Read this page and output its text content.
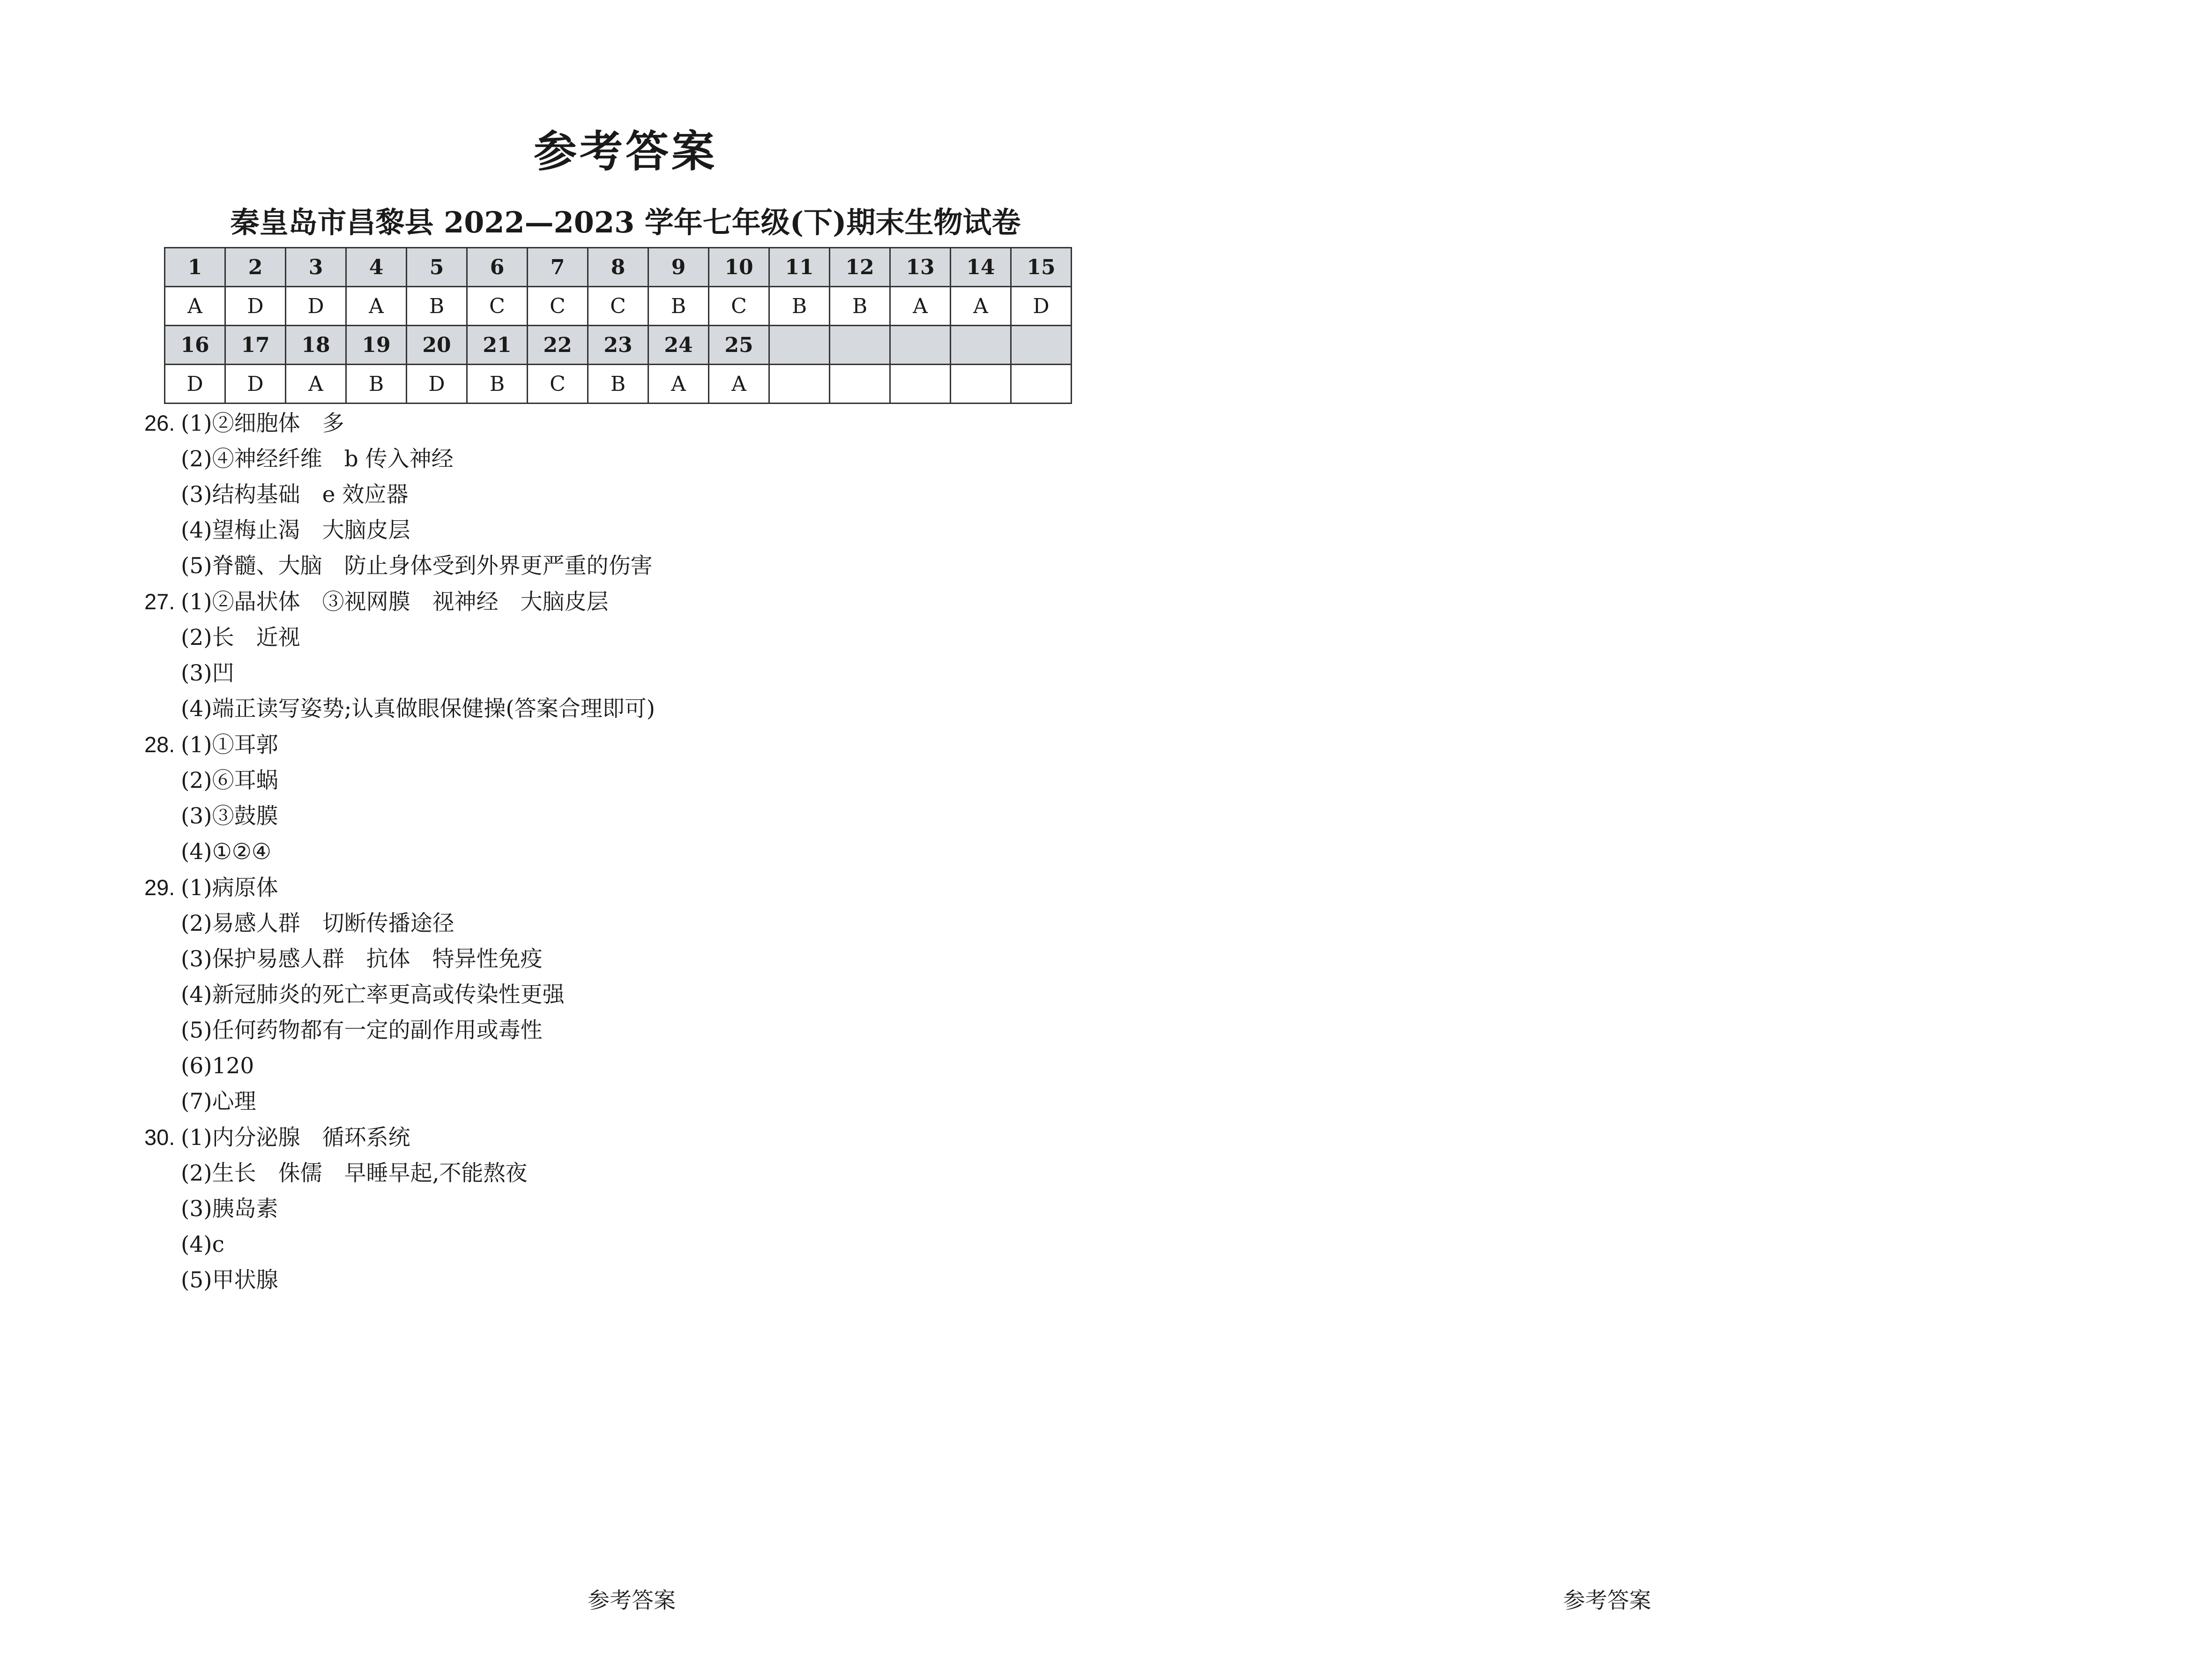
参考答案
秦皇岛市昌黎县 2022—2023 学年七年级(下)期末生物试卷
1	2	3	4	5	6	7	8	9	10	11	12	13	14	15
A	D	D	A	B	C	C	C	B	C	B	B	A	A	D
16	17	18	19	20	21	22	23	24	25					
D	D	A	B	D	B	C	B	A	A					
26. (1)②细胞体　多
(2)④神经纤维　b 传入神经
(3)结构基础　e 效应器
(4)望梅止渴　大脑皮层
(5)脊髓、大脑　防止身体受到外界更严重的伤害
27. (1)②晶状体　③视网膜　视神经　大脑皮层
(2)长　近视
(3)凹
(4)端正读写姿势;认真做眼保健操(答案合理即可)
28. (1)①耳郭
(2)⑥耳蜗
(3)③鼓膜
(4)①②④
29. (1)病原体
(2)易感人群　切断传播途径
(3)保护易感人群　抗体　特异性免疫
(4)新冠肺炎的死亡率更高或传染性更强
(5)任何药物都有一定的副作用或毒性
(6)120
(7)心理
30. (1)内分泌腺　循环系统
(2)生长　侏儒　早睡早起,不能熬夜
(3)胰岛素
(4)c
(5)甲状腺
参考答案	参考答案
